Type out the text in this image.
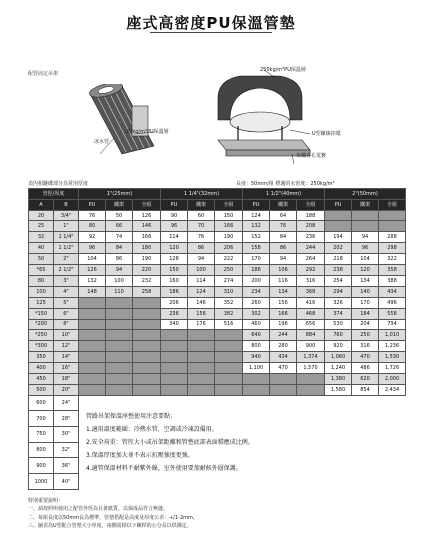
座式高密度PU保溫管墊
配管固定吊架
20kg/m³PU保溫層
冰水管
250kg/m³PU保溫層
U型鏍絲扣環
角鐵有孔電鍍
表內相鏈碟部分為常用厚度	長度：50mm/組 標適的水密度：250kg/m³
管徑/厚度		1"(25mm)			1 1/4"(32mm)			1 1/2"(40mm)			2"(50mm)		
A	B	PU	鐵架	全組	PU	鐵架	全組	PU	鐵架	全組	PU	鐵架	全組
20	3/4"	76	50	126	90	60	150	124	64	188			
25	1"	80	66	146	96	70	166	132	76	208			
32	1 1/4"	92	74	166	114	76	190	152	84	236	194	94	288
40	1 1/2"	96	84	180	120	86	206	158	86	244	202	96	298
50	2"	104	86	190	128	94	222	170	94	264	218	104	322
*65	2 1/2"	126	94	220	150	100	250	186	106	292	238	120	358
80	3"	132	100	232	160	114	274	200	116	316	254	134	388
100	4"	148	110	258	186	124	310	234	134	368	294	140	434
125	5"				206	146	352	260	156	416	326	170	496
*150	6"				236	156	382	302	166	468	374	184	558
*200	8"				340	176	516	460	196	656	530	204	734
*250	10"							640	244	884	760	250	1,010
*300	12"							800	280	900	920	316	1,236
350	14"							940	434	1,374	1,060	470	1,530
400	16"							1,100	470	1,570	1,240	486	1,726
450	18"										1,380	620	2,000
500	20"										1,580	854	2,434
600	24"	管路吊架保溫座墊使用注意要點：
1.適用溫度範圍：冷熱水管，空調或冷凍設備用。
2.安全荷重：管徑大小或吊架距離和管墊底部表面積應成比例。
3.保溫厚度加大並不表示抗壓強度更強。
4.適管保溫材料不耐紫外線，室外使用要加耐候外層保護。											

700	28"												
750	30"												
800	32"												
900	36"												
1000	40"												
特別重要說明：
一、請按照所使用之配管外徑為目黃紙質，以保成品符合無縫。
二、每組長度以50mm長為標準，管墊搭配是高度及厚度公差：+/1-2mm。
三、圖表為U型配合管墊大小厚度，兩側需相以下螺桿的公分長以供測定。
